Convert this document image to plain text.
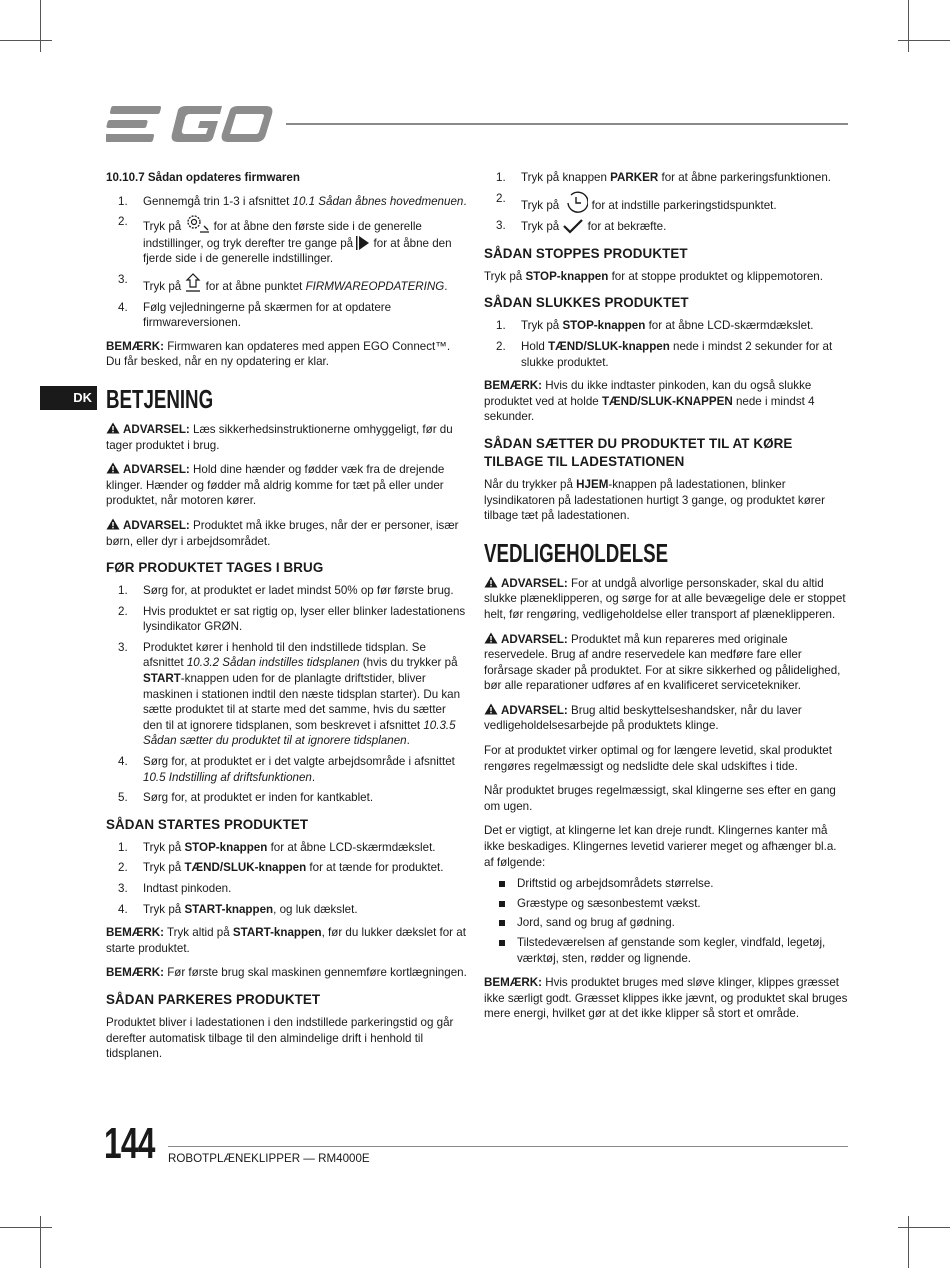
DK
10.10.7 Sådan opdateres firmwaren
1. Gennemgå trin 1-3 i afsnittet 10.1 Sådan åbnes hovedmenuen.
2. Tryk på  for at åbne den første side i de generelle indstillinger, og tryk derefter tre gange på  for at åbne den fjerde side i de generelle indstillinger.
3.
Tryk på  for at åbne punktet FIRMWAREOPDATERING.
4. Følg vejledningerne på skærmen for at opdatere firmwareversionen.

BEMÆRK: Firmwaren kan opdateres med appen EGO Connect™. Du får besked, når en ny opdatering er klar.

BETJENING

ADVARSEL: Læs sikkerhedsinstruktionerne omhyggeligt, før du tager produktet i brug.

ADVARSEL: Hold dine hænder og fødder væk fra de drejende klinger. Hænder og fødder må aldrig komme for tæt på eller under produktet, når motoren kører.

ADVARSEL: Produktet må ikke bruges, når der er personer, især børn, eller dyr i arbejdsområdet.

FØR PRODUKTET TAGES I BRUG
1. Sørg for, at produktet er ladet mindst 50% op før første brug.
2. Hvis produktet er sat rigtig op, lyser eller blinker ladestationens lysindikator GRØN.
3. Produktet kører i henhold til den indstillede tidsplan. Se afsnittet 10.3.2 Sådan indstilles tidsplanen (hvis du trykker på START-knappen uden for de planlagte driftstider, bliver maskinen i stationen indtil den næste tidsplan starter). Du kan sætte produktet til at starte med det samme, hvis du sætter den til at ignorere tidsplanen, som beskrevet i afsnittet 10.3.5 Sådan sætter du produktet til at ignorere tidsplanen.
4. Sørg for, at produktet er i det valgte arbejdsområde i afsnittet 10.5 Indstilling af driftsfunktionen.
5. Sørg for, at produktet er inden for kantkablet.
SÅDAN STARTES PRODUKTET
1. Tryk på STOP-knappen for at åbne LCD-skærmdækslet.
2. Tryk på TÆND/SLUK-knappen for at tænde for produktet.
3. Indtast pinkoden.
4. Tryk på START-knappen, og luk dækslet.

BEMÆRK: Tryk altid på START-knappen, før du lukker dækslet for at starte produktet.

BEMÆRK: Før første brug skal maskinen gennemføre kortlægningen.

SÅDAN PARKERES PRODUKTET

Produktet bliver i ladestationen i den indstillede parkeringstid og går derefter automatisk tilbage til den almindelige drift i henhold til tidsplanen.

1. Tryk på knappen PARKER for at åbne parkeringsfunktionen.
2.
Tryk på  for at indstille parkeringstidspunktet.
3. Tryk på  for at bekræfte.
SÅDAN STOPPES PRODUKTET

Tryk på STOP-knappen for at stoppe produktet og klippemotoren.

SÅDAN SLUKKES PRODUKTET
1. Tryk på STOP-knappen for at åbne LCD-skærmdækslet.
2. Hold TÆND/SLUK-knappen nede i mindst 2 sekunder for at slukke produktet.

BEMÆRK: Hvis du ikke indtaster pinkoden, kan du også slukke produktet ved at holde TÆND/SLUK-KNAPPEN nede i mindst 4 sekunder.

SÅDAN SÆTTER DU PRODUKTET TIL AT KØRE TILBAGE TIL LADESTATIONEN

Når du trykker på HJEM-knappen på ladestationen, blinker lysindikatoren på ladestationen hurtigt 3 gange, og produktet kører tilbage tæt på ladestationen.

VEDLIGEHOLDELSE

ADVARSEL: For at undgå alvorlige personskader, skal du altid slukke plæneklipperen, og sørge for at alle bevægelige dele er stoppet helt, før rengøring, vedligeholdelse eller transport af plæneklipperen.

ADVARSEL: Produktet må kun repareres med originale reservedele. Brug af andre reservedele kan medføre fare eller forårsage skader på produktet. For at sikre sikkerhed og pålidelighed, bør alle reparationer udføres af en kvalificeret servicetekniker.

ADVARSEL: Brug altid beskyttelseshandsker, når du laver vedligeholdelsesarbejde på produktets klinge.

For at produktet virker optimal og for længere levetid, skal produktet rengøres regelmæssigt og nedslidte dele skal udskiftes i tide.

Når produktet bruges regelmæssigt, skal klingerne ses efter en gang om ugen.

Det er vigtigt, at klingerne let kan dreje rundt. Klingernes kanter må ikke beskadiges. Klingernes levetid varierer meget og afhænger bl.a. af følgende:

Driftstid og arbejdsområdets størrelse.
Græstype og sæsonbestemt vækst.
Jord, sand og brug af gødning.
Tilstedeværelsen af genstande som kegler, vindfald, legetøj, værktøj, sten, rødder og lignende.

BEMÆRK: Hvis produktet bruges med sløve klinger, klippes græsset ikke særligt godt. Græsset klippes ikke jævnt, og produktet skal bruges mere energi, hvilket gør at det ikke klipper så stort et område.

144 ROBOTPLÆNEKLIPPER — RM4000E
